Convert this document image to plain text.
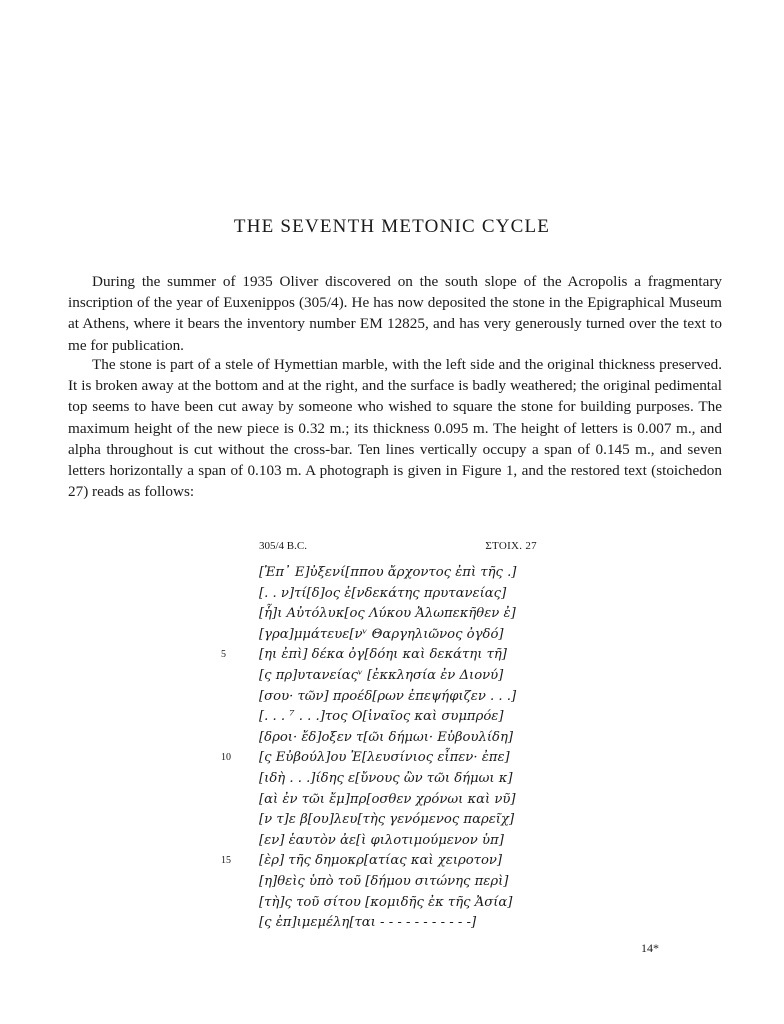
THE SEVENTH METONIC CYCLE

During the summer of 1935 Oliver discovered on the south slope of the Acropolis a fragmentary inscription of the year of Euxenippos (305/4). He has now deposited the stone in the Epigraphical Museum at Athens, where it bears the inventory number EM 12825, and has very generously turned over the text to me for publication.

The stone is part of a stele of Hymettian marble, with the left side and the original thickness preserved. It is broken away at the bottom and at the right, and the surface is badly weathered; the original pedimental top seems to have been cut away by someone who wished to square the stone for building purposes. The maximum height of the new piece is 0.32 m.; its thickness 0.095 m. The height of letters is 0.007 m., and alpha throughout is cut without the cross-bar. Ten lines vertically occupy a span of 0.145 m., and seven letters horizontally a span of 0.103 m. A photograph is given in Figure 1, and the restored text (stoichedon 27) reads as follows:

305/4 B.C.	ΣΤΟΙΧ. 27
[Ἐπ᾽ Ε]ὐξενί[ππου ἄρχοντος ἐπὶ τῆς .]
[. . ν]τί[δ]ος ἑ[νδεκάτης πρυτανείας]
[ἧ]ι Αὐτόλυκ[ος Λύκου Ἀλωπεκῆθεν ἐ]
[γρα]μμάτευε[νᵛ Θαργηλιῶνος ὀγδό]
5	[ηι ἐπὶ] δέκα ὀγ[δόηι καὶ δεκάτηι τῆ]
[ς πρ]υτανείαςᵛ [ἐκκλησία ἐν Διονύ]
[σου· τῶν] προέδ[ρων ἐπεψήφιζεν . . .]
[. . . ⁷ . . .]τος Ο[ἰναῖος καὶ συμπρόε]
[δροι· ἔδ]οξεν τ[ῶι δήμωι· Εὐβουλίδη]
10	[ς Εὐβούλ]ου Ἐ[λευσίνιος εἶπεν· ἐπε]
[ιδὴ . . .]ίδης ε[ὔνους ὢν τῶι δήμωι κ]
[αὶ ἐν τῶι ἔμ]πρ[οσθεν χρόνωι καὶ νῦ]
[ν τ]ε β[ου]λευ[τὴς γενόμενος παρεῖχ]
[εν] ἑαυτὸν ἀε[ὶ φιλοτιμούμενον ὑπ]
15	[ὲρ] τῆς δημοκρ[ατίας καὶ χειροτον]
[η]θεὶς ὑπὸ τοῦ [δήμου σιτώνης περὶ]
[τὴ]ς τοῦ σίτου [κομιδῆς ἐκ τῆς Ἀσία]
[ς ἐπ]ιμεμέλη[ται - - - - - - - - - - -]
14*
